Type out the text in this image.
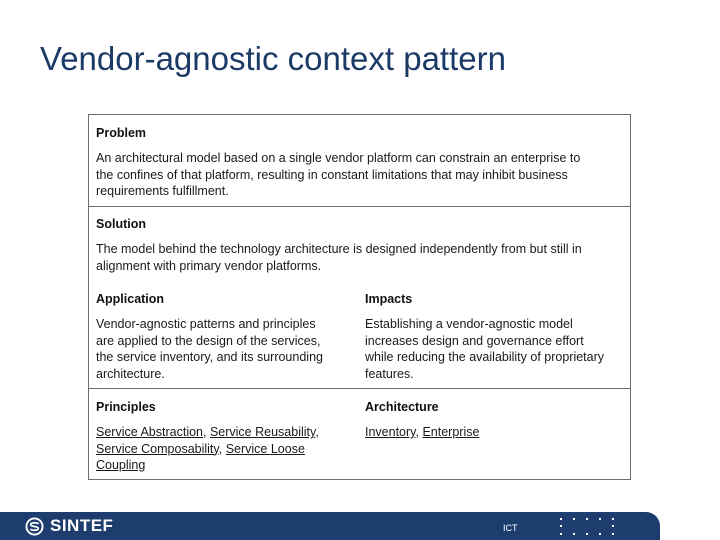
Vendor-agnostic context pattern
Problem
An architectural model based on a single vendor platform can constrain an enterprise to
the confines of that platform, resulting in constant limitations that may inhibit business
requirements fulfillment.
Solution
The model behind the technology architecture is designed independently from but still in
alignment with primary vendor platforms.
Application
Vendor-agnostic patterns and principles
are applied to the design of the services,
the service inventory, and its surrounding
architecture.
Impacts
Establishing a vendor-agnostic model
increases design and governance effort
while reducing the availability of proprietary
features.
Principles
Service Abstraction, Service Reusability,
Service Composability, Service Loose
Coupling
Architecture
Inventory, Enterprise
SINTEF	ICT
